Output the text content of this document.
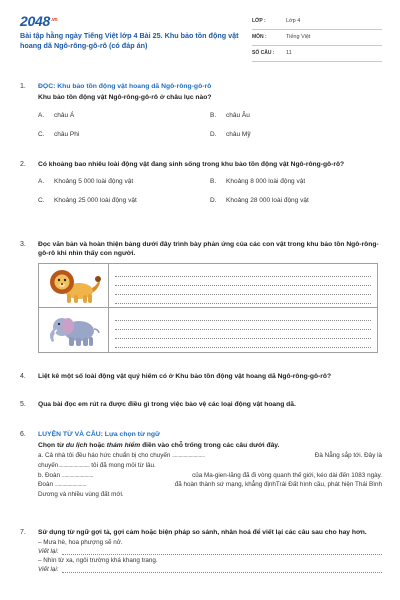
$2048^{.vn}$
Bài tập hằng ngày Tiếng Việt lớp 4 Bài 25. Khu bảo tồn động vật hoang dã Ngô-rông-gô-rô (có đáp án)
LỚP :	Lớp 4
MÔN :	Tiếng Việt
SỐ CÂU :	11
1.	ĐỌC: Khu bảo tồn động vật hoang dã Ngô-rông-gô-rô
Khu bảo tồn động vật Ngô-rông-gô-rô ở châu lục nào?
A.	châu Á	B.	châu Âu
C.	châu Phi	D.	châu Mỹ
2.	Có khoảng bao nhiêu loài động vật đang sinh sống trong khu bảo tồn động vật Ngô-rông-gô-rô?
A.	Khoảng 5 000 loài động vật	B.	Khoảng 8 000 loài động vật
C.	Khoảng 25 000 loài động vật	D.	Khoảng 28 000 loài động vật
3.	Đọc văn bản và hoàn thiện bảng dưới đây trình bày phản ứng của các con vật trong khu bảo tồn Ngô-rông-gô-rô khi nhìn thấy con người.
4.	Liệt kê một số loài động vật quý hiếm có ở Khu bảo tồn động vật hoang dã Ngô-rông-gô-rô?
5.	Qua bài đọc em rút ra được điều gì trong việc bảo vệ các loại động vật hoang dã.
6.	LUYỆN TỪ VÀ CÂU: Lựa chọn từ ngữ
Chọn từ du lịch hoặc thám hiểm điền vào chỗ trống trong các câu dưới đây.
a. Cả nhà tôi đều háo hức chuẩn bị cho chuyến ..........................	Đà Nẵng sắp tới. Đây là
chuyến......................... tôi đã mong mỏi từ lâu.
b. Đoàn .........................	của Ma-gien-lăng đã đi vòng quanh thế giới, kéo dài đến 1083 ngày.
Đoàn .........................	đã hoàn thành sứ mạng, khẳng địnhTrái Đất hình cầu, phát hiện Thái Bình
Dương và nhiều vùng đất mới.
7.	Sử dụng từ ngữ gợi tả, gợi cảm hoặc biện pháp so sánh, nhân hoá để viết lại các câu sau cho hay hơn.
– Mưa hè, hoa phượng sẽ nở.
Viết lại:
– Nhìn từ xa, ngôi trường khá khang trang.
Viết lại:
